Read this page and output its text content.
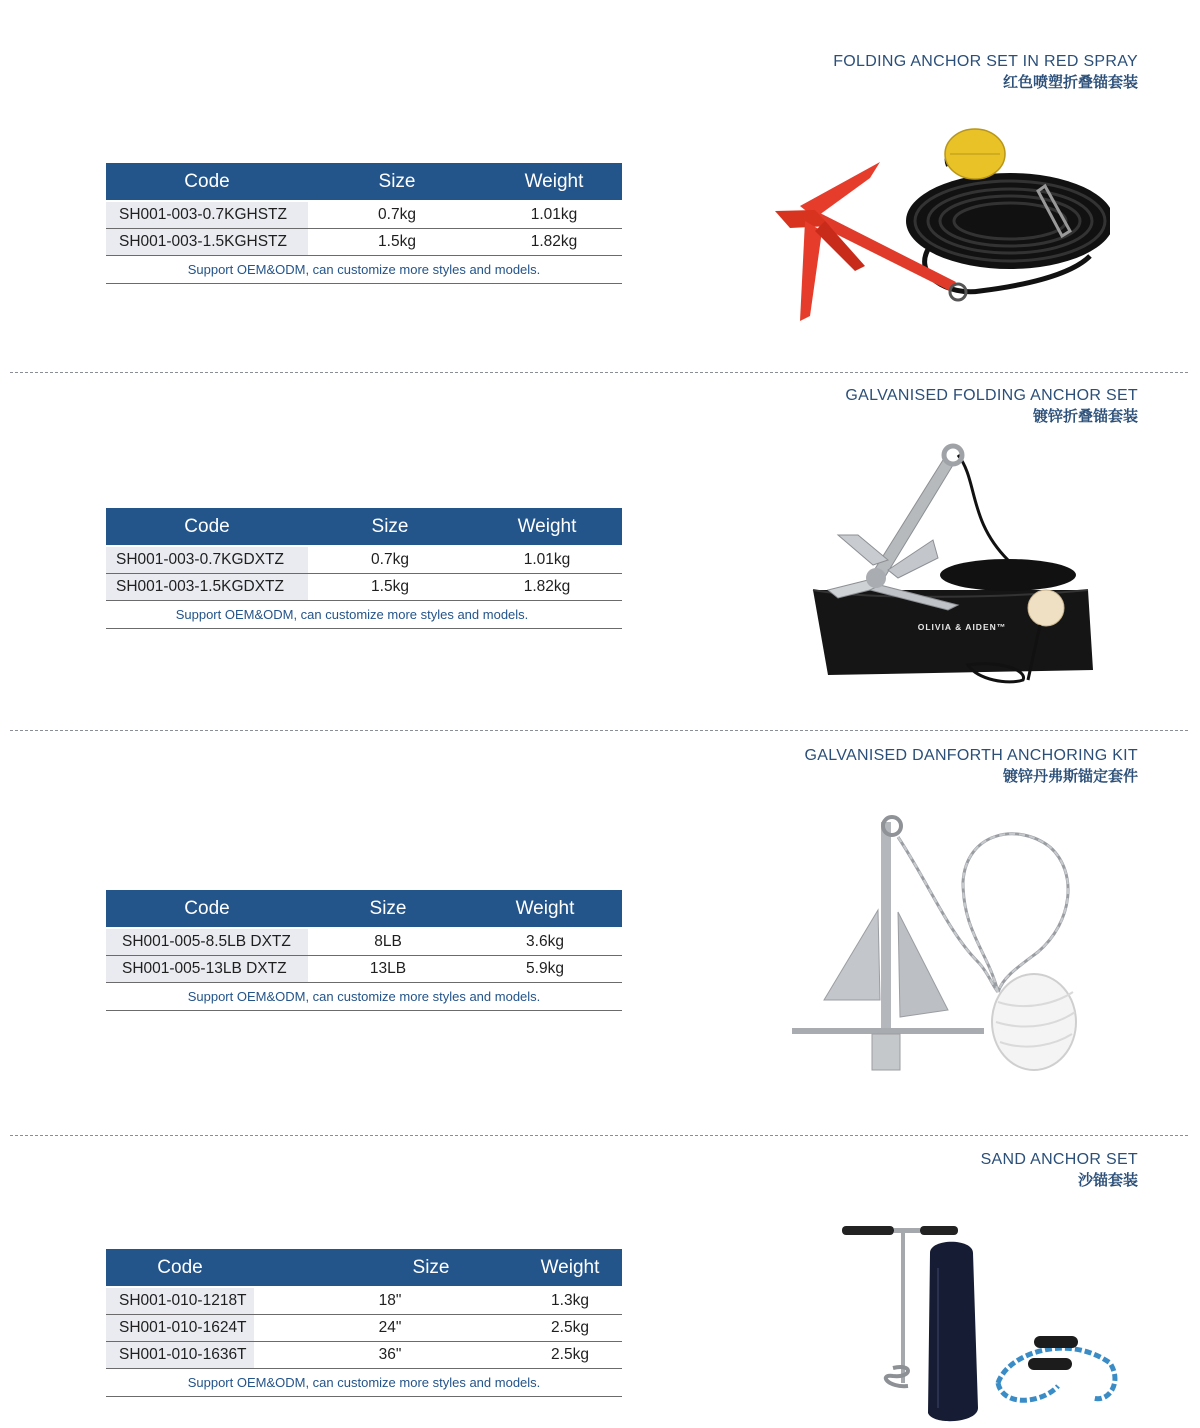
FOLDING ANCHOR SET IN RED SPRAY
红色喷塑折叠锚套装
Code	Size	Weight
SH001-003-0.7KGHSTZ	0.7kg	1.01kg
SH001-003-1.5KGHSTZ	1.5kg	1.82kg
Support OEM&ODM, can customize more styles and models.		
GALVANISED FOLDING ANCHOR SET
镀锌折叠锚套装
Code	Size	Weight
SH001-003-0.7KGDXTZ	0.7kg	1.01kg
SH001-003-1.5KGDXTZ	1.5kg	1.82kg
Support OEM&ODM, can customize more styles and models.		
OLIVIA & AIDEN™
GALVANISED DANFORTH ANCHORING KIT
镀锌丹弗斯锚定套件
Code	Size	Weight
SH001-005-8.5LB DXTZ	8LB	3.6kg
SH001-005-13LB DXTZ	13LB	5.9kg
Support OEM&ODM, can customize more styles and models.		
SAND ANCHOR SET
沙锚套装
Code	Size	Weight
SH001-010-1218T	18"	1.3kg
SH001-010-1624T	24"	2.5kg
SH001-010-1636T	36"	2.5kg
Support OEM&ODM, can customize more styles and models.		
